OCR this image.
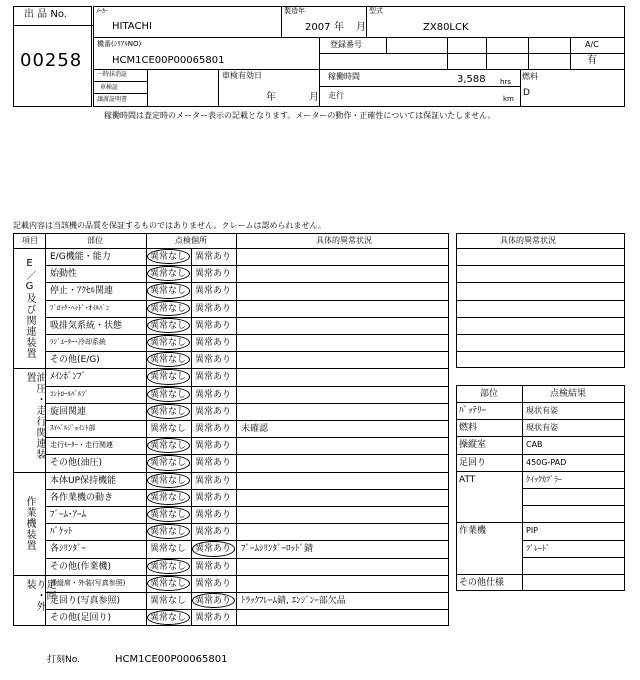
出 品 No.
00258
ﾒｰｶｰ
HITACHI
製造年
2007 年 月
型式
ZX80LCK
機番(ｼﾘｱﾙNO)
HCM1CE00P00065801
登録番号	A/C
有
一時抹消証
車検証
譲渡証明書
車検有効日
年	月
稼働時間	3,588 hrs
走行	km
燃料
D
稼働時間は査定時のメーター表示の記載となります。メーターの動作・正確性については保証いたしません。
記載内容は当該機の品質を保証するものではありません。クレームは認められません。
項目	部位	点検個所	具体的異常状況
E/G機能・能力	異常なし 異常あり
始動性	異常なし 異常あり
停止・ｱｸｾﾙ関連	異常なし 異常あり
ﾌﾞﾛｯｸ･ﾍｯﾄﾞ･ｵｲﾙﾊﾟﾝ	異常なし 異常あり
吸排気系統・状態	異常なし 異常あり
ﾗｼﾞｴｰﾀｰ･冷却系統	異常なし 異常あり
その他(E/G)	異常なし 異常あり
E／G及び関連装置
ﾒｲﾝﾎﾟﾝﾌﾟ	異常なし 異常あり
ｺﾝﾄﾛｰﾙﾊﾞﾙﾌﾞ	異常なし 異常あり
旋回関連	異常なし 異常あり
ｽｲﾍﾞﾙｼﾞｮｲﾝﾄ部	異常なし 異常あり 未確認
走行ﾓｰﾀｰ・走行関連	異常なし 異常あり
その他(油圧)	異常なし 異常あり
油圧・走行関連装置
本体UP保持機能	異常なし 異常あり
各作業機の動き	異常なし 異常あり
ﾌﾞｰﾑ･ｱｰﾑ	異常なし 異常あり
ﾊﾞｹｯﾄ	異常なし 異常あり
各ｼﾘﾝﾀﾞｰ	異常なし 異常あり ﾌﾞｰﾑｼﾘﾝﾀﾞｰﾛｯﾄﾞ錆
その他(作業機)	異常なし 異常あり
作業機装置
操縦席・外装(写真参照)	異常なし 異常あり
足回り(写真参照)	異常なし 異常あり ﾄﾗｯｸﾌﾚｰﾑ錆, ｴﾝｼﾞﾝｰ部欠品
その他(足回り)	異常なし 異常あり
足回り・外装
具体的異常状況
部位	点検結果
ﾊﾞｯﾃﾘｰ	現状有姿
燃料	現状有姿
操縦室	CAB
足回り	450G-PAD
ATT	ｸｲｯｸｶﾌﾟﾗｰ
作業機	PIP
ﾌﾞﾚｰﾄﾞ
その他仕様
打刻No.	HCM1CE00P00065801
